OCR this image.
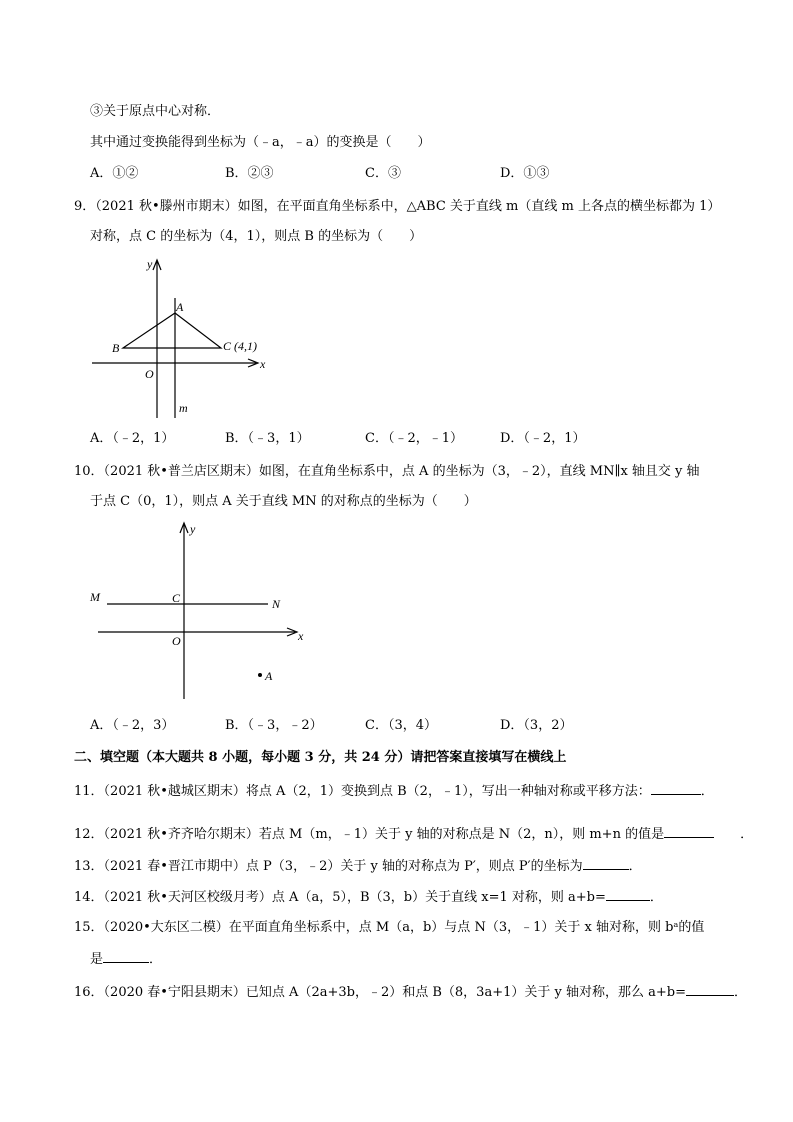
③关于原点中心对称．
其中通过变换能得到坐标为（﹣a，﹣a）的变换是（　　）
A．①②	B．②③	C．③	D．①③
9．（2021 秋•滕州市期末）如图，在平面直角坐标系中，△ABC 关于直线 m（直线 m 上各点的横坐标都为 1）
对称，点 C 的坐标为（4，1），则点 B 的坐标为（　　）
y
x
O
A
B	C (4,1)
m
A．（﹣2，1）	B．（﹣3，1）	C．（﹣2，﹣1）	D．（﹣2，1）
10．（2021 秋•普兰店区期末）如图，在直角坐标系中，点 A 的坐标为（3，﹣2），直线 MN∥x 轴且交 y 轴
于点 C（0，1），则点 A 关于直线 MN 的对称点的坐标为（　　）
y
x
O
M	N
C
A
A．（﹣2，3）	B．（﹣3，﹣2）	C．（3，4）	D．（3，2）
二、填空题（本大题共 8 小题，每小题 3 分，共 24 分）请把答案直接填写在横线上
11．（2021 秋•越城区期末）将点 A（2，1）变换到点 B（2，﹣1），写出一种轴对称或平移方法：	．
12．（2021 秋•齐齐哈尔期末）若点 M（m，﹣1）关于 y 轴的对称点是 N（2，n），则 m+n 的值是	．
13．（2021 春•晋江市期中）点 P（3，﹣2）关于 y 轴的对称点为 P′，则点 P′的坐标为	．
14．（2021 秋•天河区校级月考）点 A（a，5），B（3，b）关于直线 x=1 对称，则 a+b=	．
15．（2020•大东区二模）在平面直角坐标系中，点 M（a，b）与点 N（3，﹣1）关于 x 轴对称，则 bᵃ的值
是	．
16．（2020 春•宁阳县期末）已知点 A（2a+3b，﹣2）和点 B（8，3a+1）关于 y 轴对称，那么 a+b=	．
